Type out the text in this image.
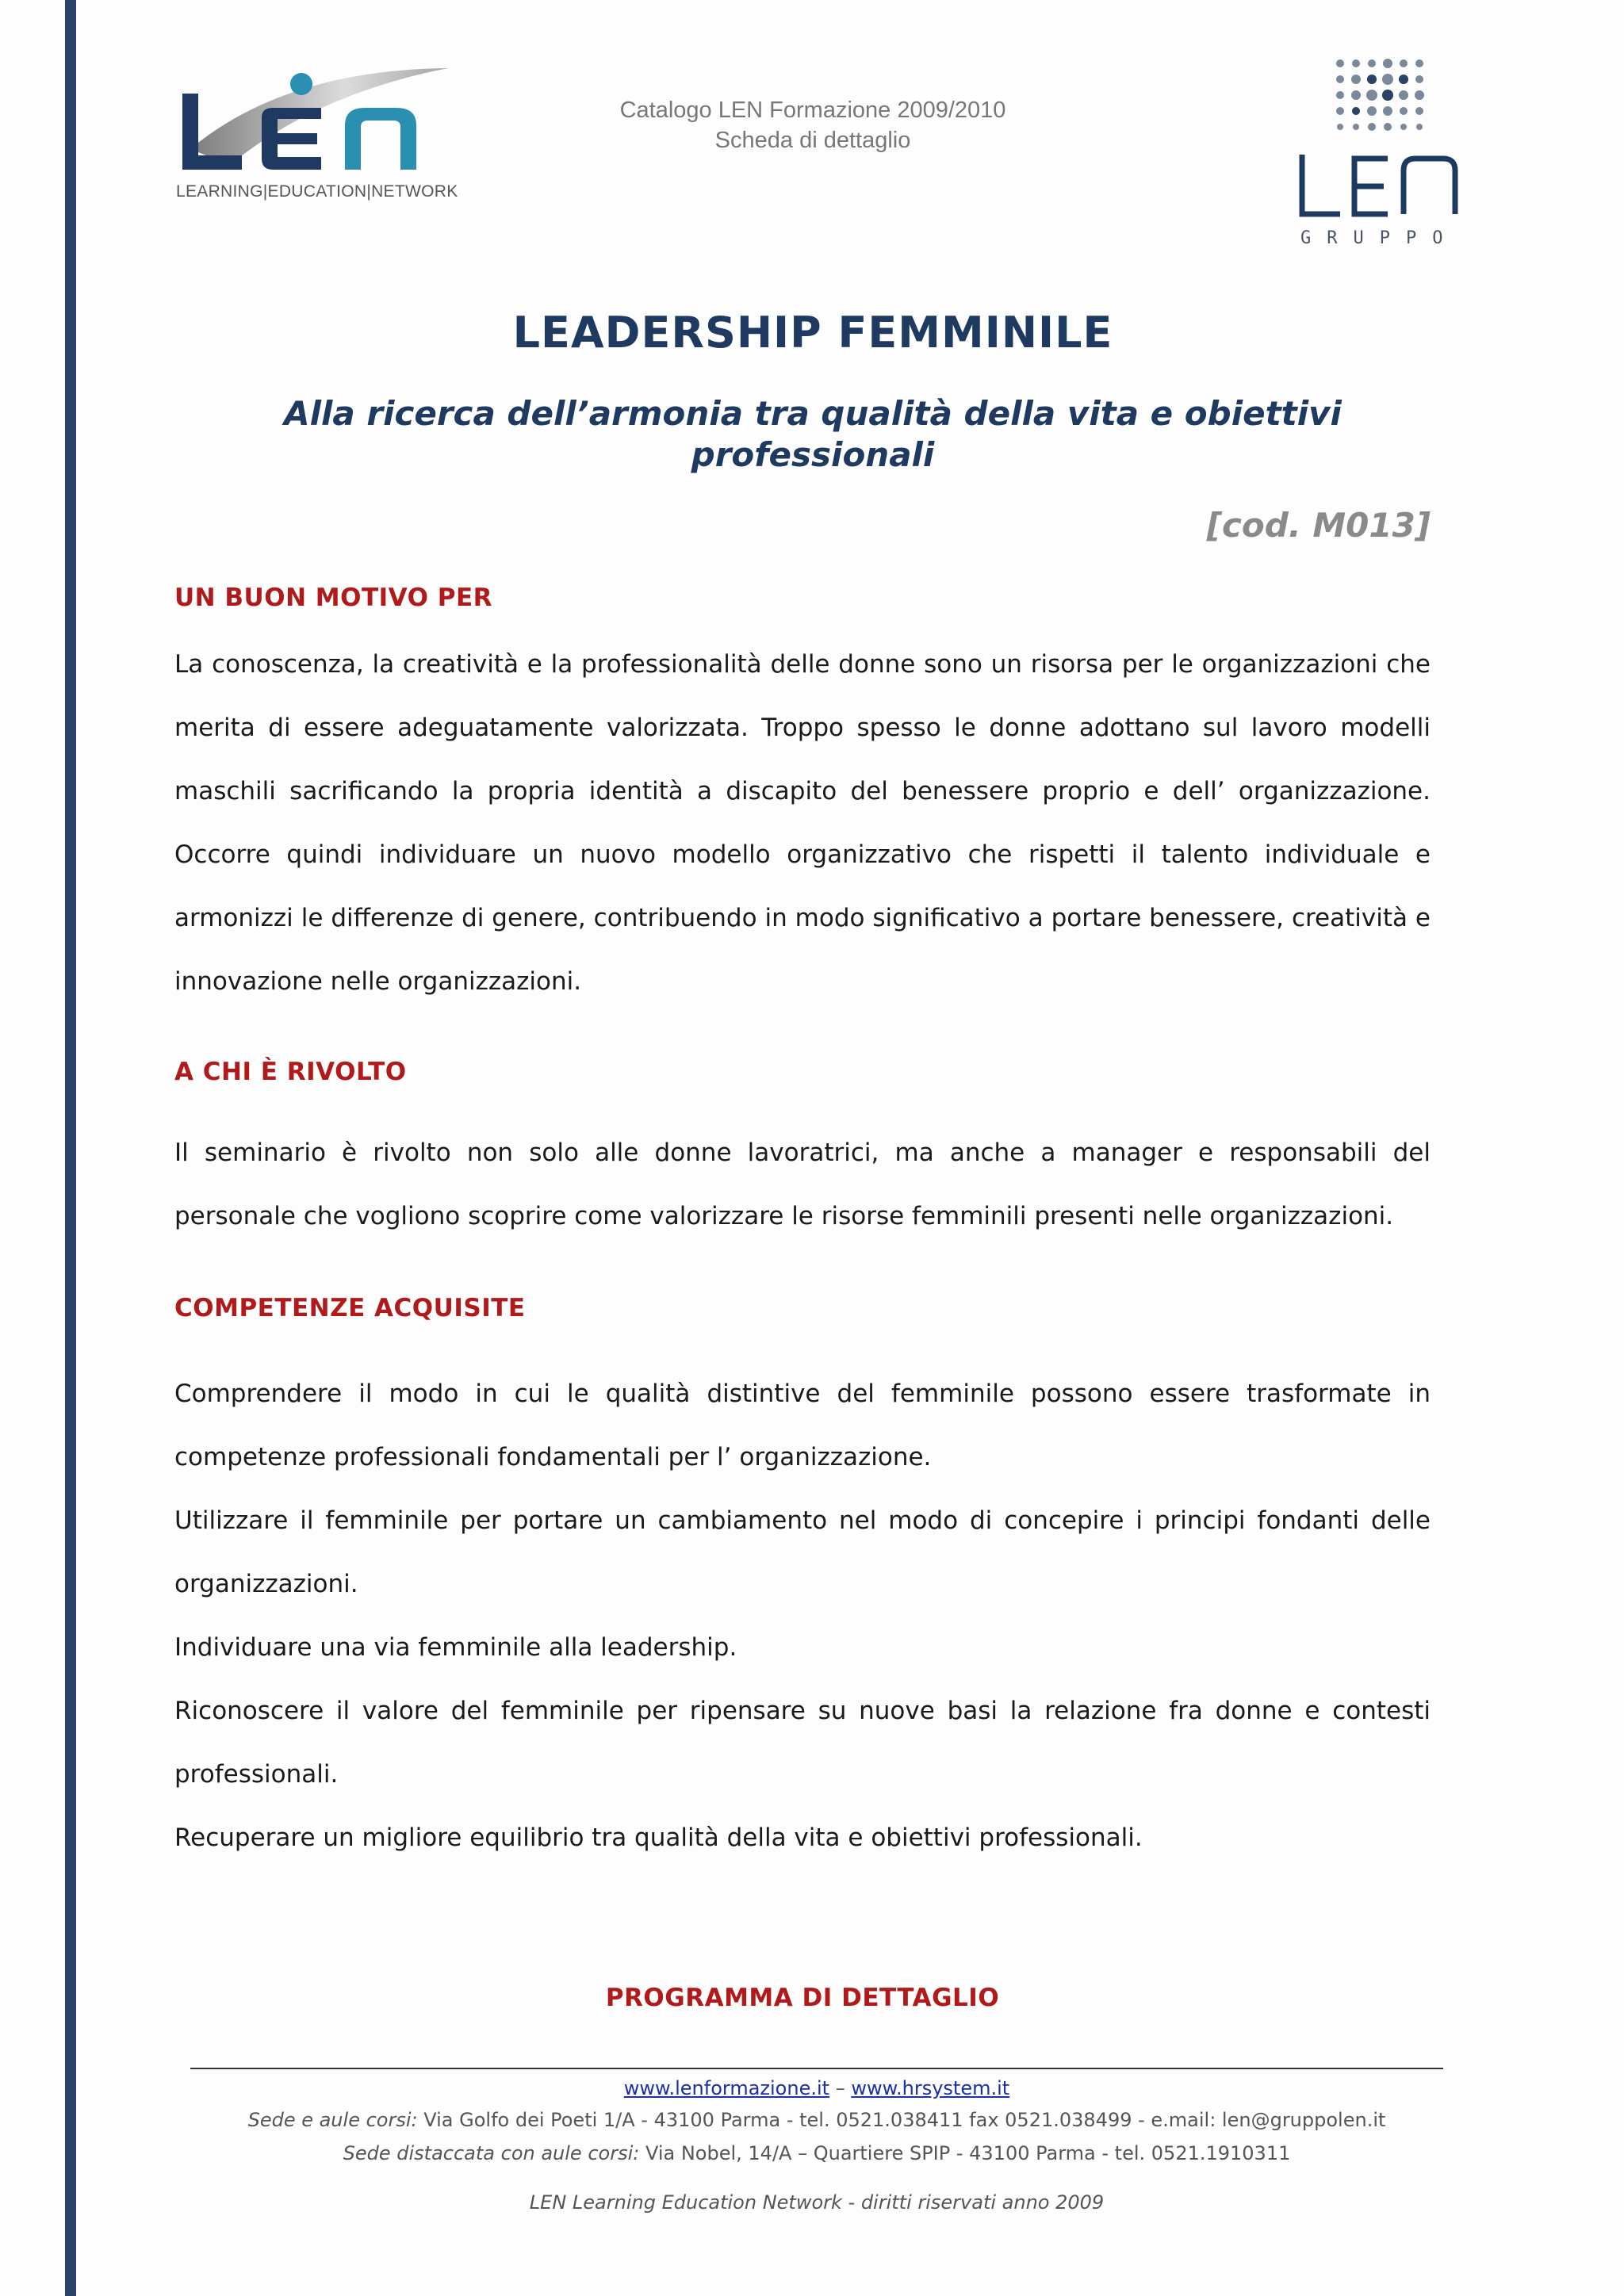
LEARNING|EDUCATION|NETWORK
Catalogo LEN Formazione 2009/2010
Scheda di dettaglio
GRUPPO
LEADERSHIP FEMMINILE
Alla ricerca dell’armonia tra qualità della vita e obiettivi
professionali
[cod. M013]
UN BUON MOTIVO PER

La conoscenza, la creatività e la professionalità delle donne sono un risorsa per le organizzazioni che merita di essere adeguatamente valorizzata. Troppo spesso le donne adottano sul lavoro modelli maschili sacrificando la propria identità a discapito del benessere proprio e dell’ organizzazione. Occorre quindi individuare un nuovo modello organizzativo che rispetti il talento individuale e armonizzi le differenze di genere, contribuendo in modo significativo a portare benessere, creatività e innovazione nelle organizzazioni.

A CHI È RIVOLTO

Il seminario è rivolto non solo alle donne lavoratrici, ma anche a manager e responsabili del personale che vogliono scoprire come valorizzare le risorse femminili presenti nelle organizzazioni.

COMPETENZE ACQUISITE

Comprendere il modo in cui le qualità distintive del femminile possono essere trasformate in competenze professionali fondamentali per l’ organizzazione.

Utilizzare il femminile per portare un cambiamento nel modo di concepire i principi fondanti delle organizzazioni.

Individuare una via femminile alla leadership.

Riconoscere il valore del femminile per ripensare su nuove basi la relazione fra donne e contesti professionali.

Recuperare un migliore equilibrio tra qualità della vita e obiettivi professionali.

PROGRAMMA DI DETTAGLIO
www.lenformazione.it – www.hrsystem.it
Sede e aule corsi: Via Golfo dei Poeti 1/A - 43100 Parma - tel. 0521.038411 fax 0521.038499 - e.mail: len@gruppolen.it
Sede distaccata con aule corsi: Via Nobel, 14/A – Quartiere SPIP - 43100 Parma - tel. 0521.1910311
LEN Learning Education Network - diritti riservati anno 2009
